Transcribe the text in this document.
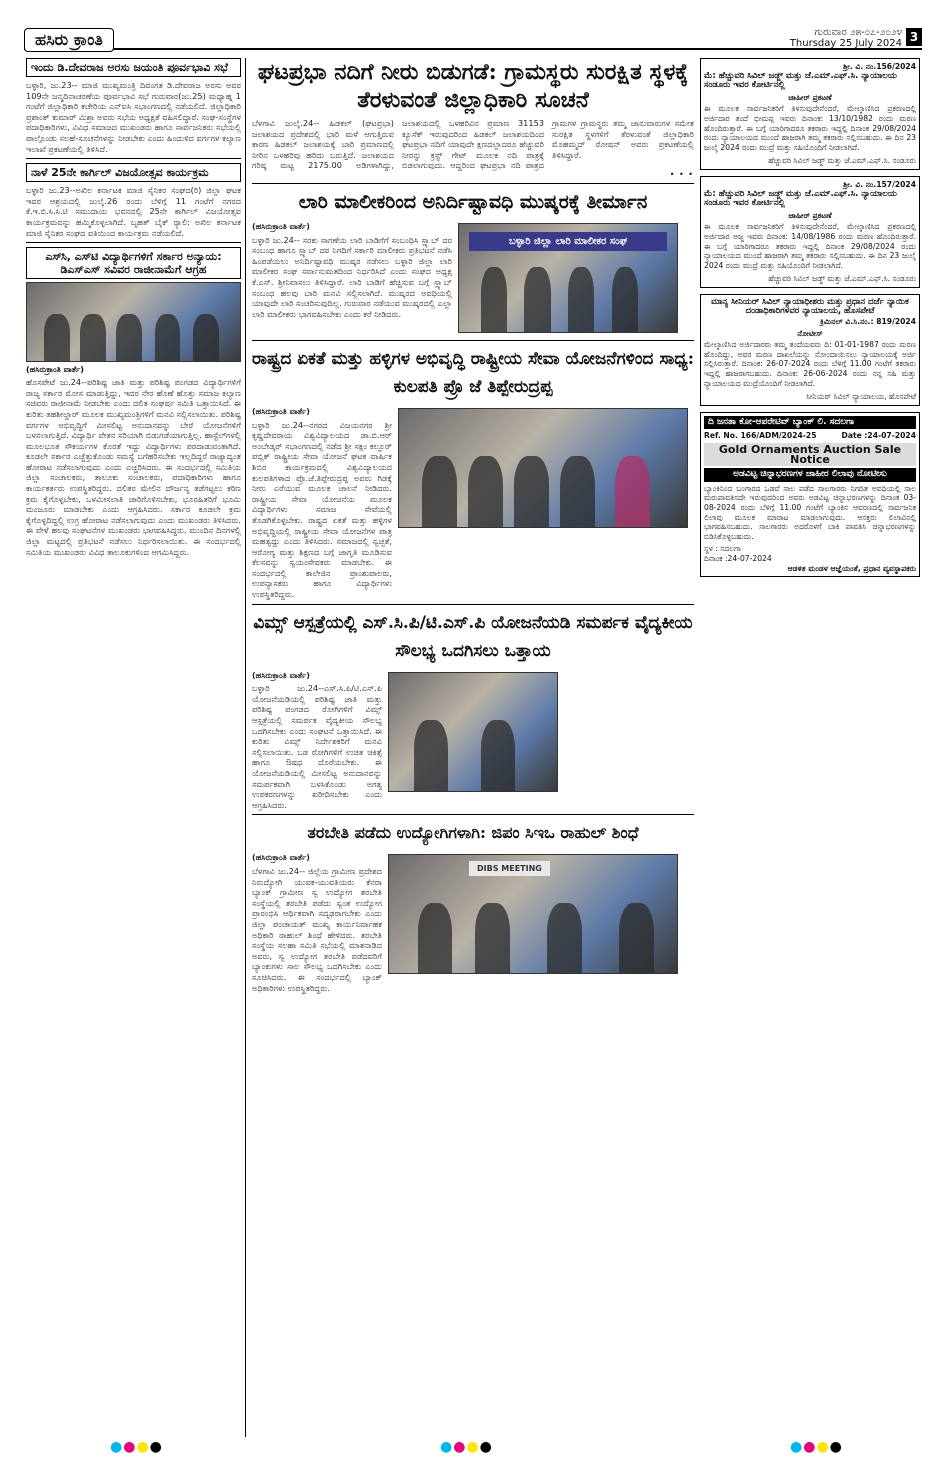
ಹಸಿರು ಕ್ರಾಂತಿ	ಗುರುವಾರ ೨೫-೦೭-೨೦೨೪
Thursday 25 July 2024 3
ಇಂದು ಡಿ.ದೇವರಾಜ ಅರಸು ಜಯಂತಿ ಪೂರ್ವಭಾವಿ ಸಭೆ
ಬಳ್ಳಾರಿ, ಜು.23-- ಮಾಜಿ ಮುಖ್ಯಮಂತ್ರಿ ದಿವಂಗತ ಡಿ.ದೇವರಾಜ ಅರಸು ಅವರ 109ನೇ ಜನ್ಮದಿನಾಚರಣೆಯ ಪೂರ್ವಭಾವಿ ಸಭೆ ಗುರುವಾರ(ಜು.25) ಮಧ್ಯಾಹ್ನ 1 ಗಂಟೆಗೆ ಜಿಲ್ಲಾಧಿಕಾರಿ ಕಚೇರಿಯ ಎನ್‍ಐಸಿ ಸಭಾಂಗಣದಲ್ಲಿ ನಡೆಯಲಿದೆ. ಜಿಲ್ಲಾಧಿಕಾರಿ ಪ್ರಶಾಂತ್ ಕುಮಾರ್ ಮಿಶ್ರಾ ಅವರು ಸಭೆಯ ಅಧ್ಯಕ್ಷತೆ ವಹಿಸಲಿದ್ದಾರೆ. ಸಂಘ-ಸಂಸ್ಥೆಗಳ ಪದಾಧಿಕಾರಿಗಳು, ವಿವಿಧ ಸಮಾಜದ ಮುಖಂಡರು ಹಾಗೂ ಸಾರ್ವಜನಿಕರು ಸಭೆಯಲ್ಲಿ ಪಾಲ್ಗೊಂಡು ಸಲಹೆ-ಸೂಚನೆಗಳನ್ನು ನೀಡಬೇಕು ಎಂದು ಹಿಂದುಳಿದ ವರ್ಗಗಳ ಕಲ್ಯಾಣ ಇಲಾಖೆ ಪ್ರಕಟಣೆಯಲ್ಲಿ ತಿಳಿಸಿದೆ.
ನಾಳೆ 25ನೇ ಕಾರ್ಗಿಲ್ ವಿಜಯೋತ್ಸವ ಕಾರ್ಯಕ್ರಮ
ಬಳ್ಳಾರಿ ಜು.23--ಅಖಿಲ ಕರ್ನಾಟಕ ಮಾಜಿ ಸೈನಿಕರ ಸಂಘದ(ರಿ) ಜಿಲ್ಲಾ ಘಟಕ ಇವರ ಆಶ್ರಯದಲ್ಲಿ ಜುಲೈ.26 ರಂದು ಬೆಳಿಗ್ಗೆ 11 ಗಂಟೆಗೆ ನಗರದ ಕೆ.ಇ.ಬಿ.ಸಿ.ಸಿ.ಟಿ ಸಮುದಾಯ ಭವನದಲ್ಲಿ 25ನೇ ಕಾರ್ಗಿಲ್ ವಿಜಯೋತ್ಸವ ಕಾರ್ಯಕ್ರಮವನ್ನು ಹಮ್ಮಿಕೊಳ್ಳಲಾಗಿದೆ. ಬೃಹತ್ ಬೈಕ್ ರ್‍ಯಾಲಿ: ಅಖಿಲ ಕರ್ನಾಟಕ ಮಾಜಿ ಸೈನಿಕರ ಸಂಘದ ವತಿಯಿಂದ ಕಾರ್ಯಕ್ರಮ ನಡೆಯಲಿದೆ.
ಎಸ್‍ಸಿ, ಎಸ್‍ಟಿ ವಿದ್ಯಾರ್ಥಿಗಳಿಗೆ ಸರ್ಕಾರ ಅನ್ಯಾಯ: ಡಿಎಸ್‍ಎಸ್ ಸವಿವರ ರಾಜೀನಾಮೆಗೆ ಆಗ್ರಹ
(ಹಸಿರುಕ್ರಾಂತಿ ವಾರ್ತೆ)
ಹೊಸಪೇಟೆ ಜು.24--ಪರಿಶಿಷ್ಟ ಜಾತಿ ಮತ್ತು ಪರಿಶಿಷ್ಟ ಪಂಗಡದ ವಿದ್ಯಾರ್ಥಿಗಳಿಗೆ ರಾಜ್ಯ ಸರ್ಕಾರ ಮೋಸ ಮಾಡುತ್ತಿದ್ದು, ಇದರ ನೇರ ಹೊಣೆ ಹೊತ್ತು ಸಮಾಜ ಕಲ್ಯಾಣ ಸಚಿವರು ರಾಜೀನಾಮೆ ನೀಡಬೇಕು ಎಂದು ದಲಿತ ಸಂಘರ್ಷ ಸಮಿತಿ ಒತ್ತಾಯಿಸಿದೆ. ಈ ಕುರಿತು ತಹಶೀಲ್ದಾರ್ ಮೂಲಕ ಮುಖ್ಯಮಂತ್ರಿಗಳಿಗೆ ಮನವಿ ಸಲ್ಲಿಸಲಾಯಿತು. ಪರಿಶಿಷ್ಟ ವರ್ಗಗಳ ಅಭಿವೃದ್ಧಿಗೆ ಮೀಸಲಿಟ್ಟ ಅನುದಾನವನ್ನು ಬೇರೆ ಯೋಜನೆಗಳಿಗೆ ಬಳಸಲಾಗುತ್ತಿದೆ. ವಿದ್ಯಾರ್ಥಿ ವೇತನ ಸರಿಯಾಗಿ ಬಿಡುಗಡೆಯಾಗುತ್ತಿಲ್ಲ. ಹಾಸ್ಟೆಲ್‍ಗಳಲ್ಲಿ ಮೂಲಭೂತ ಸೌಕರ್ಯಗಳ ಕೊರತೆ ಇದ್ದು ವಿದ್ಯಾರ್ಥಿಗಳು ಪರದಾಡುವಂತಾಗಿದೆ. ಕೂಡಲೇ ಸರ್ಕಾರ ಎಚ್ಚೆತ್ತುಕೊಂಡು ಸಮಸ್ಯೆ ಬಗೆಹರಿಸಬೇಕು ಇಲ್ಲದಿದ್ದರೆ ರಾಜ್ಯಾದ್ಯಂತ ಹೋರಾಟ ನಡೆಸಲಾಗುವುದು ಎಂದು ಎಚ್ಚರಿಸಿದರು. ಈ ಸಂದರ್ಭದಲ್ಲಿ ಸಮಿತಿಯ ಜಿಲ್ಲಾ ಸಂಚಾಲಕರು, ತಾಲೂಕು ಸಂಚಾಲಕರು, ಪದಾಧಿಕಾರಿಗಳು ಹಾಗೂ ಕಾರ್ಯಕರ್ತರು ಉಪಸ್ಥಿತರಿದ್ದರು. ದಲಿತರ ಮೇಲಿನ ದೌರ್ಜನ್ಯ ತಡೆಗಟ್ಟಲು ಕಠಿಣ ಕ್ರಮ ಕೈಗೊಳ್ಳಬೇಕು, ಒಳಮೀಸಲಾತಿ ಜಾರಿಗೊಳಿಸಬೇಕು, ಭೂರಹಿತರಿಗೆ ಭೂಮಿ ಮಂಜೂರು ಮಾಡಬೇಕು ಎಂದು ಆಗ್ರಹಿಸಿದರು. ಸರ್ಕಾರ ಕೂಡಲೇ ಕ್ರಮ ಕೈಗೊಳ್ಳದಿದ್ದಲ್ಲಿ ಉಗ್ರ ಹೋರಾಟ ನಡೆಸಲಾಗುವುದು ಎಂದು ಮುಖಂಡರು ತಿಳಿಸಿದರು. ಈ ವೇಳೆ ಹಲವು ಸಂಘಟನೆಗಳ ಮುಖಂಡರು ಭಾಗವಹಿಸಿದ್ದರು. ಮುಂದಿನ ದಿನಗಳಲ್ಲಿ ಜಿಲ್ಲಾ ಮಟ್ಟದಲ್ಲಿ ಪ್ರತಿಭಟನೆ ನಡೆಸಲು ನಿರ್ಧರಿಸಲಾಯಿತು. ಈ ಸಂದರ್ಭದಲ್ಲಿ ಸಮಿತಿಯ ಮುಖಂಡರು ವಿವಿಧ ತಾಲೂಕುಗಳಿಂದ ಆಗಮಿಸಿದ್ದರು.
ಘಟಪ್ರಭಾ ನದಿಗೆ ನೀರು ಬಿಡುಗಡೆ: ಗ್ರಾಮಸ್ಥರು ಸುರಕ್ಷಿತ ಸ್ಥಳಕ್ಕೆ ತೆರಳುವಂತೆ ಜಿಲ್ಲಾಧಿಕಾರಿ ಸೂಚನೆ
ಬೆಳಗಾವಿ ಜುಲೈ.24-- ಹಿಡಕಲ್ (ಘಟಪ್ರಭಾ) ಜಲಾಶಯದ ಪ್ರದೇಶದಲ್ಲಿ ಭಾರಿ ಮಳೆ ಆಗುತ್ತಿರುವ ಕಾರಣ ಹಿಡಕಲ್ ಜಲಾಶಯಕ್ಕೆ ಬಾರಿ ಪ್ರಮಾಣದಲ್ಲಿ ನೀರಿನ ಒಳಹರಿವು ಹರಿದು ಬರುತ್ತಿದೆ. ಜಲಾಶಯದ ಗರಿಷ್ಠ ಮಟ್ಟ 2175.00 ಅಡಿಗಳಾಗಿದ್ದು, ಜಲಾಶಯದಲ್ಲಿ ಒಳಹರಿವಿನ ಪ್ರಮಾಣ 31153 ಕ್ಯೂಸೆಕ್ ಇರುವುದರಿಂದ ಹಿಡಕಲ್ ಜಲಾಶಯದಿಂದ ಘಟಪ್ರಭಾ ನದಿಗೆ ಯಾವುದೇ ಕ್ಷಣದಲ್ಲಾದರೂ ಹೆಚ್ಚುವರಿ ನೀರನ್ನು ಕ್ರಸ್ಟ್ ಗೇಟ್ ಮೂಲಕ ನದಿ ಪಾತ್ರಕ್ಕೆ ಬಿಡಲಾಗುವುದು. ಆದ್ದರಿಂದ ಘಟಪ್ರಭಾ ನದಿ ಪಾತ್ರದ ಗ್ರಾಮಗಳ ಗ್ರಾಮಸ್ಥರು ತಮ್ಮ ಜಾನುವಾರುಗಳ ಸಮೇತ ಸುರಕ್ಷಿತ ಸ್ಥಳಗಳಿಗೆ ತೆರಳುವಂತೆ ಜಿಲ್ಲಾಧಿಕಾರಿ ಮೊಹಮ್ಮದ್ ರೋಷನ್ ಅವರು ಪ್ರಕಟಣೆಯಲ್ಲಿ ತಿಳಿಸಿದ್ದಾರೆ.
• • •
ಲಾರಿ ಮಾಲೀಕರಿಂದ ಅನಿರ್ದಿಷ್ಟಾವಧಿ ಮುಷ್ಕರಕ್ಕೆ ತೀರ್ಮಾನ
(ಹಸಿರುಕ್ರಾಂತಿ ವಾರ್ತೆ)
ಬಳ್ಳಾರಿ ಜು.24-- ಸರಕು ಸಾಗಣೆಯ ಲಾರಿ ಬಾಡಿಗೆಗೆ ಸಂಬಂಧಿಸಿ ಸ್ಲ್ಯಾಬ್ ದರ ಸಂಬಂಧ ಹಾಗೂ ಸ್ಲ್ಯಾಬ್ ದರ ನಿಗದಿಗೆ ಸರ್ಕಾರಿ ಮಾಲೀಕರು ಪ್ರತಿಭಟನೆ ನಡೆಸಿ ಹಿಂಪಡೆಯಲು ಅನಿರ್ದಿಷ್ಟಾವಧಿ ಮುಷ್ಕರ ನಡೆಸಲು ಬಳ್ಳಾರಿ ಜಿಲ್ಲಾ ಲಾರಿ ಮಾಲೀಕರ ಸಂಘ ಸರ್ವಾನುಮತದಿಂದ ನಿರ್ಧರಿಸಿದೆ ಎಂದು ಸಂಘದ ಅಧ್ಯಕ್ಷ ಕೆ.ಎಸ್. ಶ್ರೀನಿವಾಸಲು ತಿಳಿಸಿದ್ದಾರೆ. ಲಾರಿ ಬಾಡಿಗೆ ಹೆಚ್ಚಿಸುವ ಬಗ್ಗೆ ಸ್ಲ್ಯಾಬ್ ಸಂಬಂಧ ಹಲವು ಬಾರಿ ಮನವಿ ಸಲ್ಲಿಸಲಾಗಿದೆ. ಮುಷ್ಕರದ ಅವಧಿಯಲ್ಲಿ ಯಾವುದೇ ಲಾರಿ ಸಂಚರಿಸುವುದಿಲ್ಲ. ಗುರುವಾರ ನಡೆಯುವ ಮುಷ್ಕರದಲ್ಲಿ ಎಲ್ಲಾ ಲಾರಿ ಮಾಲೀಕರು ಭಾಗವಹಿಸಬೇಕು ಎಂದು ಕರೆ ನೀಡಿದರು.
ಬಳ್ಳಾರಿ ಜಿಲ್ಲಾ ಲಾರಿ ಮಾಲೀಕರ ಸಂಘ
ರಾಷ್ಟ್ರದ ಏಕತೆ ಮತ್ತು ಹಳ್ಳಿಗಳ ಅಭಿವೃದ್ಧಿ ರಾಷ್ಟ್ರೀಯ ಸೇವಾ ಯೋಜನೆಗಳಿಂದ ಸಾಧ್ಯ: ಕುಲಪತಿ ಪ್ರೊ ಜೆ ತಿಪ್ಪೇರುದ್ರಪ್ಪ
(ಹಸಿರುಕ್ರಾಂತಿ ವಾರ್ತೆ)
ಬಳ್ಳಾರಿ ಜು.24--ನಗರದ ವಿಜಯನಗರ ಶ್ರೀ ಕೃಷ್ಣದೇವರಾಯ ವಿಶ್ವವಿದ್ಯಾಲಯದ ಡಾ.ಬಿ.ಆರ್ ಅಂಬೇಡ್ಕರ್ ಸಭಾಂಗಣದಲ್ಲಿ ನಡೆದ ಶ್ರೀ ಸಕ್ಷಂ ಕಲ್ಲೂರ್ ಪಬ್ಲಿಕ್ ರಾಷ್ಟ್ರೀಯ ಸೇವಾ ಯೋಜನೆ ಘಟಕ ವಾರ್ಷಿಕ ಶಿಬಿರ ಕಾರ್ಯಕ್ರಮದಲ್ಲಿ ವಿಶ್ವವಿದ್ಯಾಲಯದ ಕುಲಪತಿಗಳಾದ ಪ್ರೊ.ಜೆ.ತಿಪ್ಪೇರುದ್ರಪ್ಪ ಅವರು ಗಿಡಕ್ಕೆ ನೀರು ಎರೆಯುವ ಮೂಲಕ ಚಾಲನೆ ನೀಡಿದರು. ರಾಷ್ಟ್ರೀಯ ಸೇವಾ ಯೋಜನೆಯ ಮೂಲಕ ವಿದ್ಯಾರ್ಥಿಗಳು ಸಮಾಜ ಸೇವೆಯಲ್ಲಿ ತೊಡಗಿಕೊಳ್ಳಬೇಕು. ರಾಷ್ಟ್ರದ ಏಕತೆ ಮತ್ತು ಹಳ್ಳಿಗಳ ಅಭಿವೃದ್ಧಿಯಲ್ಲಿ ರಾಷ್ಟ್ರೀಯ ಸೇವಾ ಯೋಜನೆಗಳ ಪಾತ್ರ ಮಹತ್ವದ್ದು ಎಂದು ತಿಳಿಸಿದರು. ಸಮಾಜದಲ್ಲಿ ಸ್ವಚ್ಛತೆ, ಆರೋಗ್ಯ ಮತ್ತು ಶಿಕ್ಷಣದ ಬಗ್ಗೆ ಜಾಗೃತಿ ಮೂಡಿಸುವ ಕೆಲಸವನ್ನು ಸ್ವಯಂಸೇವಕರು ಮಾಡಬೇಕು. ಈ ಸಂದರ್ಭದಲ್ಲಿ ಕಾಲೇಜಿನ ಪ್ರಾಂಶುಪಾಲರು, ಉಪನ್ಯಾಸಕರು ಹಾಗೂ ವಿದ್ಯಾರ್ಥಿಗಳು ಉಪಸ್ಥಿತರಿದ್ದರು.
ವಿಮ್ಸ್ ಆಸ್ಪತ್ರೆಯಲ್ಲಿ ಎಸ್.ಸಿ.ಪಿ/ಟಿ.ಎಸ್.ಪಿ ಯೋಜನೆಯಡಿ ಸಮರ್ಪಕ ವೈದ್ಯಕೀಯ ಸೌಲಭ್ಯ ಒದಗಿಸಲು ಒತ್ತಾಯ
(ಹಸಿರುಕ್ರಾಂತಿ ವಾರ್ತೆ)
ಬಳ್ಳಾರಿ ಜು.24--ಎಸ್.ಸಿ.ಪಿ/ಟಿ.ಎಸ್.ಪಿ ಯೋಜನೆಯಡಿಯಲ್ಲಿ ಪರಿಶಿಷ್ಟ ಜಾತಿ ಮತ್ತು ಪರಿಶಿಷ್ಟ ಪಂಗಡದ ರೋಗಿಗಳಿಗೆ ವಿಮ್ಸ್ ಆಸ್ಪತ್ರೆಯಲ್ಲಿ ಸಮರ್ಪಕ ವೈದ್ಯಕೀಯ ಸೌಲಭ್ಯ ಒದಗಿಸಬೇಕು ಎಂದು ಸಂಘಟನೆ ಒತ್ತಾಯಿಸಿದೆ. ಈ ಕುರಿತು ವಿಮ್ಸ್ ನಿರ್ದೇಶಕರಿಗೆ ಮನವಿ ಸಲ್ಲಿಸಲಾಯಿತು. ಬಡ ರೋಗಿಗಳಿಗೆ ಉಚಿತ ಚಿಕಿತ್ಸೆ ಹಾಗೂ ಔಷಧ ದೊರೆಯಬೇಕು. ಈ ಯೋಜನೆಯಡಿಯಲ್ಲಿ ಮೀಸಲಿಟ್ಟ ಅನುದಾನವನ್ನು ಸಮರ್ಪಕವಾಗಿ ಬಳಸಿಕೊಂಡು ಅಗತ್ಯ ಉಪಕರಣಗಳನ್ನು ಖರೀದಿಸಬೇಕು ಎಂದು ಆಗ್ರಹಿಸಿದರು.
ತರಬೇತಿ ಪಡೆದು ಉದ್ಯೋಗಿಗಳಾಗಿ: ಜಿಪಂ ಸಿಇಒ ರಾಹುಲ್ ಶಿಂಧೆ
(ಹಸಿರುಕ್ರಾಂತಿ ವಾರ್ತೆ)
ಬೆಳಗಾವಿ ಜು.24-- ಜಿಲ್ಲೆಯ ಗ್ರಾಮೀಣ ಪ್ರದೇಶದ ನಿರುದ್ಯೋಗಿ ಯುವಕ-ಯುವತಿಯರು ಕೆನರಾ ಬ್ಯಾಂಕ್ ಗ್ರಾಮೀಣ ಸ್ವ ಉದ್ಯೋಗ ತರಬೇತಿ ಸಂಸ್ಥೆಯಲ್ಲಿ ತರಬೇತಿ ಪಡೆದು ಸ್ವಂತ ಉದ್ಯೋಗ ಪ್ರಾರಂಭಿಸಿ ಆರ್ಥಿಕವಾಗಿ ಸದೃಢರಾಗಬೇಕು ಎಂದು ಜಿಲ್ಲಾ ಪಂಚಾಯತ್ ಮುಖ್ಯ ಕಾರ್ಯನಿರ್ವಾಹಕ ಅಧಿಕಾರಿ ರಾಹುಲ್ ಶಿಂಧೆ ಹೇಳಿದರು. ತರಬೇತಿ ಸಂಸ್ಥೆಯ ಸಲಹಾ ಸಮಿತಿ ಸಭೆಯಲ್ಲಿ ಮಾತನಾಡಿದ ಅವರು, ಸ್ವ ಉದ್ಯೋಗ ತರಬೇತಿ ಪಡೆದವರಿಗೆ ಬ್ಯಾಂಕುಗಳು ಸಾಲ ಸೌಲಭ್ಯ ಒದಗಿಸಬೇಕು ಎಂದು ಸೂಚಿಸಿದರು. ಈ ಸಂದರ್ಭದಲ್ಲಿ ಬ್ಯಾಂಕ್ ಅಧಿಕಾರಿಗಳು ಉಪಸ್ಥಿತರಿದ್ದರು.
DIBS MEETING
ಶ್ರೀ. ವಿ. ನಂ.156/2024
ಮೆ: ಹೆಚ್ಚುವರಿ ಸಿವಿಲ್ ಜಡ್ಜ್ ಮತ್ತು ಜೆ.ಎಮ್.ಎಫ್.ಸಿ. ನ್ಯಾಯಾಲಯ ಸಂಡೂರು ಇವರ ಕೋರ್ಟಿನಲ್ಲಿ
ಜಾಹೀರ್ ಪ್ರಕಟಣೆ
ಈ ಮೂಲಕ ಸಾರ್ವಜನಿಕರಿಗೆ ತಿಳಿಸುವುದೇನೆಂದರೆ, ಮೇಲ್ಕಾಣಿಸಿದ ಪ್ರಕರಣದಲ್ಲಿ ಅರ್ಜಿದಾರ ತಂದೆ ಭೀಮಪ್ಪ ಇವರು ದಿನಾಂಕ: 13/10/1982 ರಂದು ಮರಣ ಹೊಂದಿರುತ್ತಾರೆ. ಈ ಬಗ್ಗೆ ಯಾರಿಗಾದರೂ ತಕರಾರು ಇದ್ದಲ್ಲಿ ದಿನಾಂಕ 29/08/2024 ರಂದು ನ್ಯಾಯಾಲಯದ ಮುಂದೆ ಹಾಜರಾಗಿ ತಮ್ಮ ತಕರಾರು ಸಲ್ಲಿಸಬಹುದು. ಈ ದಿನ 23 ಜುಲೈ 2024 ರಂದು ಮುದ್ರೆ ಮತ್ತು ಸಹಿಯೊಂದಿಗೆ ನೀಡಲಾಗಿದೆ.
ಹೆಚ್ಚುವರಿ ಸಿವಿಲ್ ಜಡ್ಜ್ ಮತ್ತು ಜೆ.ಎಮ್.ಎಫ್.ಸಿ. ಸಂಡೂರು
ಶ್ರೀ. ವಿ. ನಂ.157/2024
ಮೆ: ಹೆಚ್ಚುವರಿ ಸಿವಿಲ್ ಜಡ್ಜ್ ಮತ್ತು ಜೆ.ಎಮ್.ಎಫ್.ಸಿ. ನ್ಯಾಯಾಲಯ ಸಂಡೂರು ಇವರ ಕೋರ್ಟಿನಲ್ಲಿ
ಜಾಹೀರ್ ಪ್ರಕಟಣೆ
ಈ ಮೂಲಕ ಸಾರ್ವಜನಿಕರಿಗೆ ತಿಳಿಸುವುದೇನೆಂದರೆ, ಮೇಲ್ಕಾಣಿಸಿದ ಪ್ರಕರಣದಲ್ಲಿ ಅರ್ಜಿದಾರ ಅಜ್ಜ ಇವರು ದಿನಾಂಕ: 14/08/1986 ರಂದು ಮರಣ ಹೊಂದಿರುತ್ತಾರೆ. ಈ ಬಗ್ಗೆ ಯಾರಿಗಾದರೂ ತಕರಾರು ಇದ್ದಲ್ಲಿ ದಿನಾಂಕ 29/08/2024 ರಂದು ನ್ಯಾಯಾಲಯದ ಮುಂದೆ ಹಾಜರಾಗಿ ತಮ್ಮ ತಕರಾರು ಸಲ್ಲಿಸಬಹುದು. ಈ ದಿನ 23 ಜುಲೈ 2024 ರಂದು ಮುದ್ರೆ ಮತ್ತು ಸಹಿಯೊಂದಿಗೆ ನೀಡಲಾಗಿದೆ.
ಹೆಚ್ಚುವರಿ ಸಿವಿಲ್ ಜಡ್ಜ್ ಮತ್ತು ಜೆ.ಎಮ್.ಎಫ್.ಸಿ. ಸಂಡೂರು
ಮಾನ್ಯ ಸೀನಿಯರ್ ಸಿವಿಲ್ ನ್ಯಾಯಾಧೀಶರು ಮತ್ತು ಪ್ರಧಾನ ದರ್ಜೆ ನ್ಯಾಯಿಕ ದಂಡಾಧಿಕಾರಿಗಳವರ ನ್ಯಾಯಾಲಯ, ಹೊಸಪೇಟೆ
ಕ್ರಿಮಿನಲ್ ವಿ.ಸಿ.ನಂ.: 819/2024
ನೋಟೀಸ್
ಮೇಲ್ಕಾಣಿಸಿದ ಅರ್ಜಿದಾರರು ತಮ್ಮ ತಂದೆಯವರು ದಿ: 01-01-1987 ರಂದು ಮರಣ ಹೊಂದಿದ್ದು, ಅವರ ಮರಣ ದಾಖಲೆಯನ್ನು ನೋಂದಾಯಿಸಲು ನ್ಯಾಯಾಲಯಕ್ಕೆ ಅರ್ಜಿ ಸಲ್ಲಿಸಿರುತ್ತಾರೆ. ದಿನಾಂಕ: 26-07-2024 ರಂದು ಬೆಳಿಗ್ಗೆ 11.00 ಗಂಟೆಗೆ ತಕರಾರು ಇದ್ದಲ್ಲಿ ಹಾಜರಾಗಬಹುದು. ದಿನಾಂಕ: 26-06-2024 ರಂದು ನನ್ನ ಸಹಿ ಮತ್ತು ನ್ಯಾಯಾಲಯದ ಮುದ್ರೆಯೊಂದಿಗೆ ನೀಡಲಾಗಿದೆ.
ಸೀನಿಯರ್ ಸಿವಿಲ್ ನ್ಯಾಯಾಲಯ, ಹೊಸಪೇಟೆ
ದಿ ಜನತಾ ಕೋ-ಆಪರೇಟಿವ್ ಬ್ಯಾಂಕ್ ಲಿ. ಸದಲಗಾ
Ref. No. 166/ADM/2024-25	Date :24-07-2024
Gold Ornaments Auction Sale Notice
ಅಡವಿಟ್ಟ ಚಿನ್ನಾಭರಣಗಳ ಜಾಹೀರ ಲಿಲಾವು ನೋಟೀಸು
ಬ್ಯಾಂಕಿನಿಂದ ಬಂಗಾರದ ಒಡವೆ ಸಾಲ ಪಡೆದ ಸಾಲಗಾರರು ನಿಗದಿತ ಅವಧಿಯಲ್ಲಿ ಸಾಲ ಮರುಪಾವತಿಸದೇ ಇರುವುದರಿಂದ ಅವರು ಅಡವಿಟ್ಟ ಚಿನ್ನಾಭರಣಗಳನ್ನು ದಿನಾಂಕ 03-08-2024 ರಂದು ಬೆಳಿಗ್ಗೆ 11.00 ಗಂಟೆಗೆ ಬ್ಯಾಂಕಿನ ಆವರಣದಲ್ಲಿ ಸಾರ್ವಜನಿಕ ಲಿಲಾವು ಮೂಲಕ ಮಾರಾಟ ಮಾಡಲಾಗುವುದು. ಆಸಕ್ತರು ಲಿಲಾವಿನಲ್ಲಿ ಭಾಗವಹಿಸಬಹುದು. ಸಾಲಗಾರರು ಅದರೊಳಗೆ ಬಾಕಿ ಪಾವತಿಸಿ ಚಿನ್ನಾಭರಣಗಳನ್ನು ಬಿಡಿಸಿಕೊಳ್ಳಬಹುದು.
ಸ್ಥಳ : ಸದಲಗಾ
ದಿನಾಂಕ :24-07-2024
ಆಡಳಿತ ಮಂಡಳ ಆಜ್ಞೆಯಂತೆ, ಪ್ರಧಾನ ವ್ಯವಸ್ಥಾಪಕರು
●●●●	●●●●	●●●●
